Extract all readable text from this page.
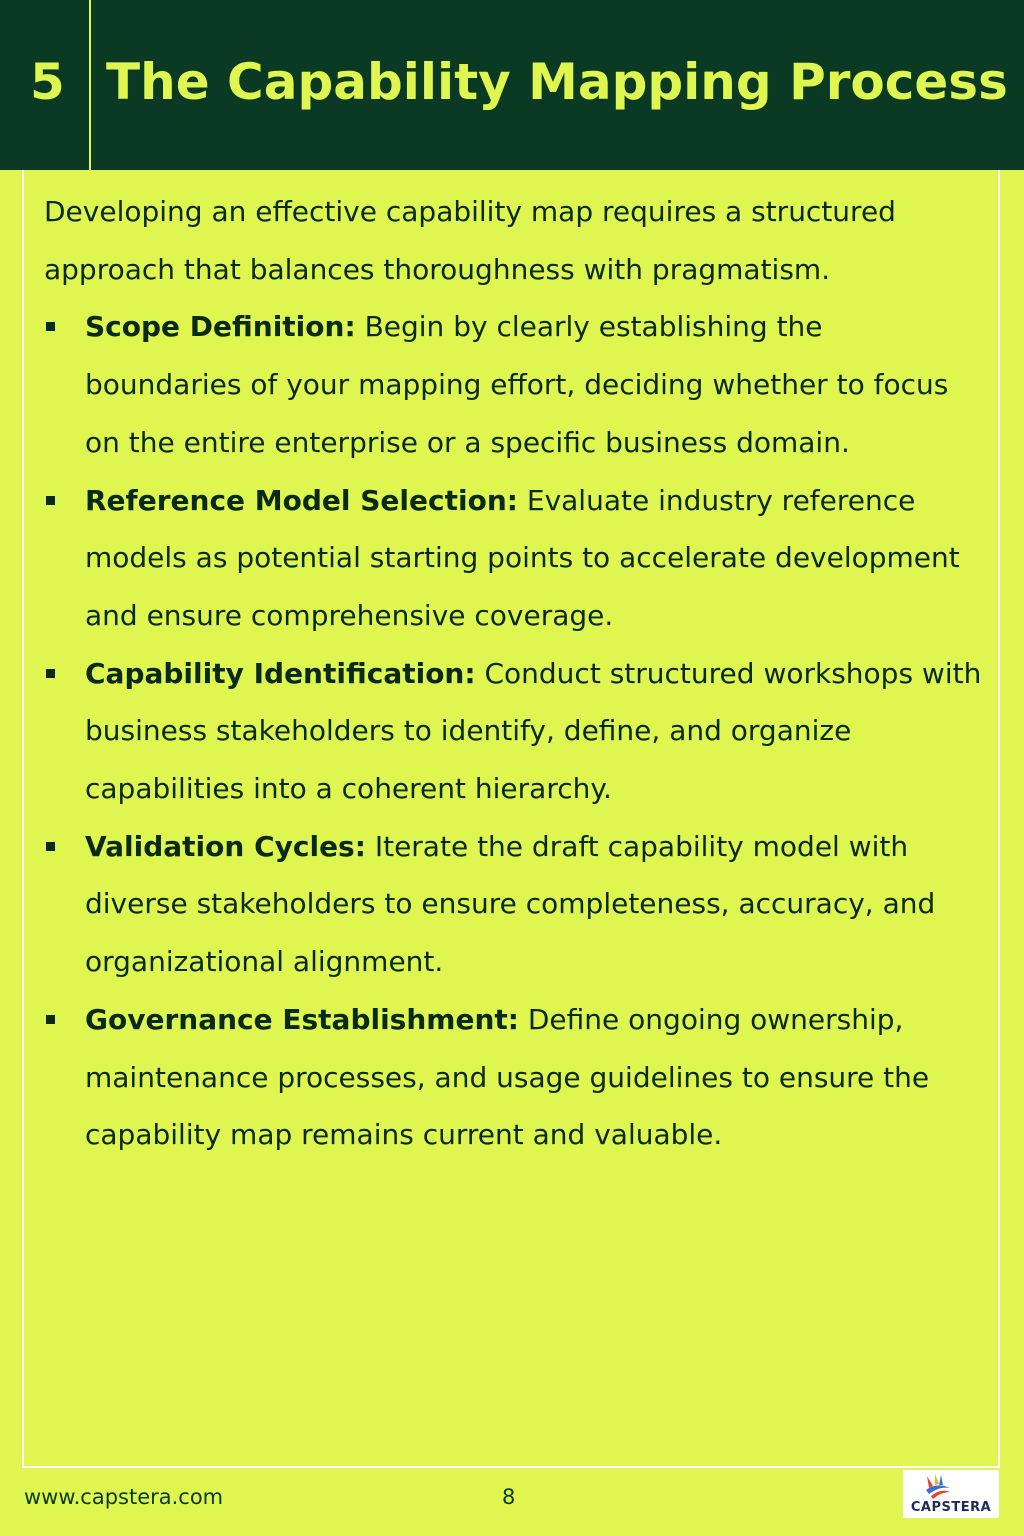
5 The Capability Mapping Process

Developing an effective capability map requires a structured approach that balances thoroughness with pragmatism.

Scope Definition: Begin by clearly establishing the boundaries of your mapping effort, deciding whether to focus on the entire enterprise or a specific business domain.
Reference Model Selection: Evaluate industry reference models as potential starting points to accelerate development and ensure comprehensive coverage.
Capability Identification: Conduct structured workshops with business stakeholders to identify, define, and organize capabilities into a coherent hierarchy.
Validation Cycles: Iterate the draft capability model with diverse stakeholders to ensure completeness, accuracy, and organizational alignment.
Governance Establishment: Define ongoing ownership, maintenance processes, and usage guidelines to ensure the capability map remains current and valuable.
www.capstera.com	8	CAPSTERA
